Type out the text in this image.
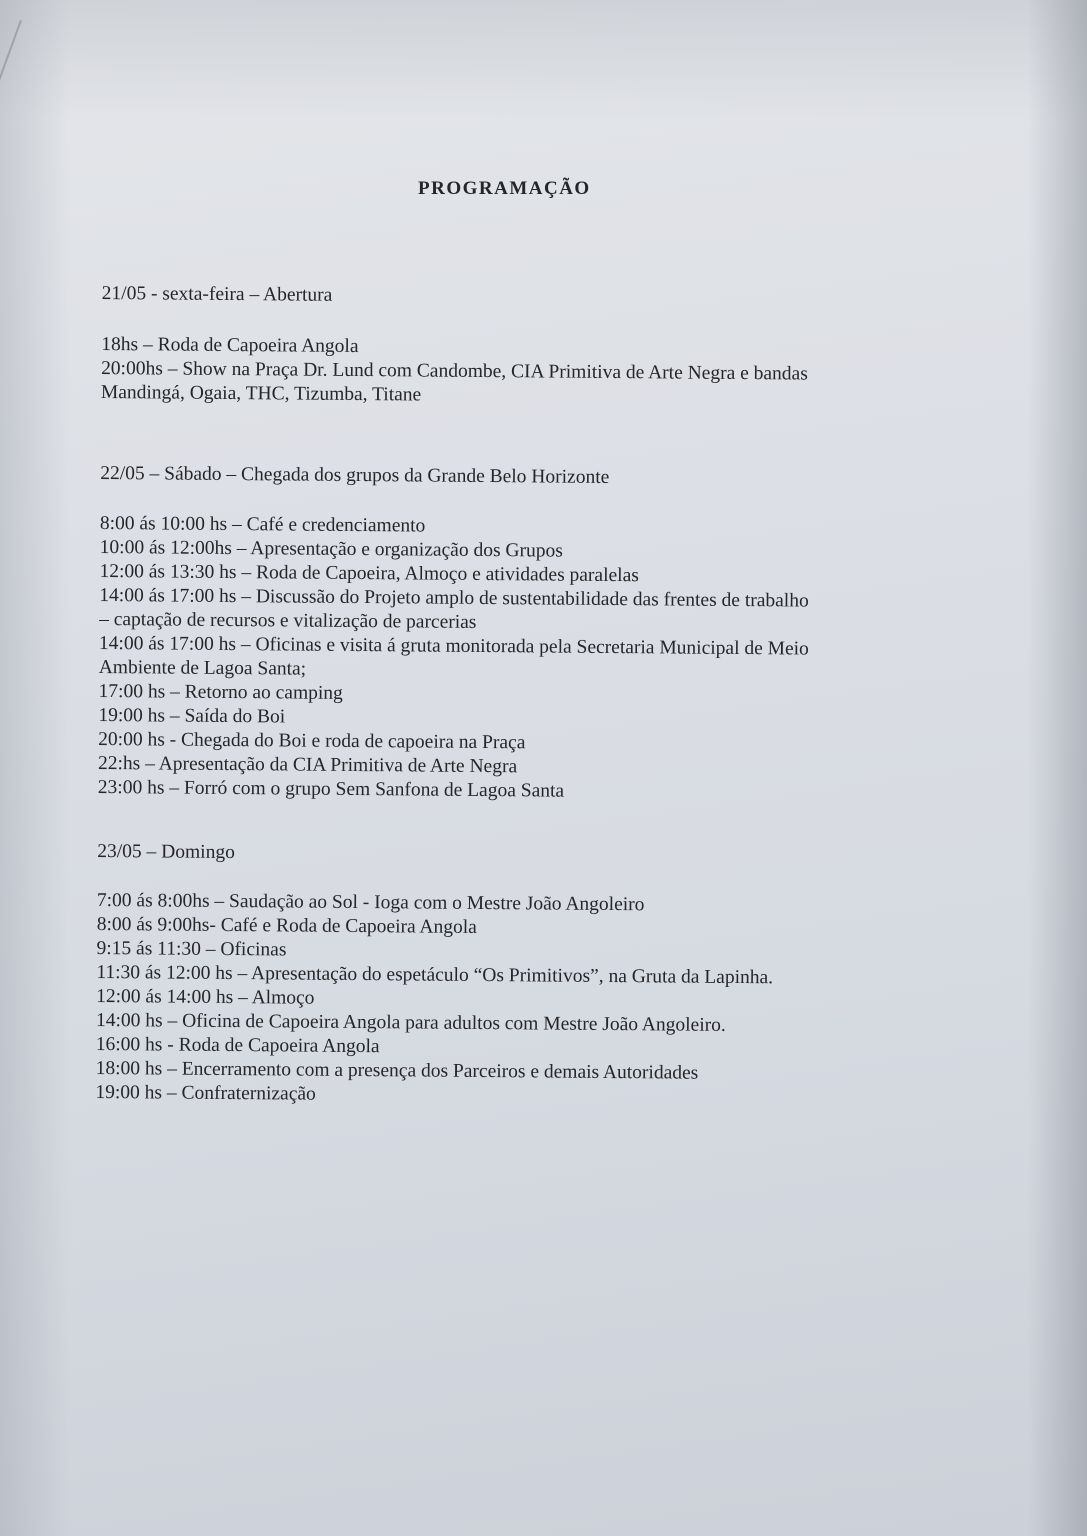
PROGRAMAÇÃO
21/05 - sexta-feira – Abertura
18hs – Roda de Capoeira Angola
20:00hs – Show na Praça Dr. Lund com Candombe, CIA Primitiva de Arte Negra e bandas
Mandingá, Ogaia, THC, Tizumba, Titane
22/05 – Sábado – Chegada dos grupos da Grande Belo Horizonte
8:00 ás 10:00 hs – Café e credenciamento
10:00 ás 12:00hs – Apresentação e organização dos Grupos
12:00 ás 13:30 hs – Roda de Capoeira, Almoço e atividades paralelas
14:00 ás 17:00 hs – Discussão do Projeto amplo de sustentabilidade das frentes de trabalho
– captação de recursos e vitalização de parcerias
14:00 ás 17:00 hs – Oficinas e visita á gruta monitorada pela Secretaria Municipal de Meio
Ambiente de Lagoa Santa;
17:00 hs – Retorno ao camping
19:00 hs – Saída do Boi
20:00 hs - Chegada do Boi e roda de capoeira na Praça
22:hs – Apresentação da CIA Primitiva de Arte Negra
23:00 hs – Forró com o grupo Sem Sanfona de Lagoa Santa
23/05 – Domingo
7:00 ás 8:00hs – Saudação ao Sol - Ioga com o Mestre João Angoleiro
8:00 ás 9:00hs- Café e Roda de Capoeira Angola
9:15 ás 11:30 – Oficinas
11:30 ás 12:00 hs – Apresentação do espetáculo “Os Primitivos”, na Gruta da Lapinha.
12:00 ás 14:00 hs – Almoço
14:00 hs – Oficina de Capoeira Angola para adultos com Mestre João Angoleiro.
16:00 hs - Roda de Capoeira Angola
18:00 hs – Encerramento com a presença dos Parceiros e demais Autoridades
19:00 hs – Confraternização
